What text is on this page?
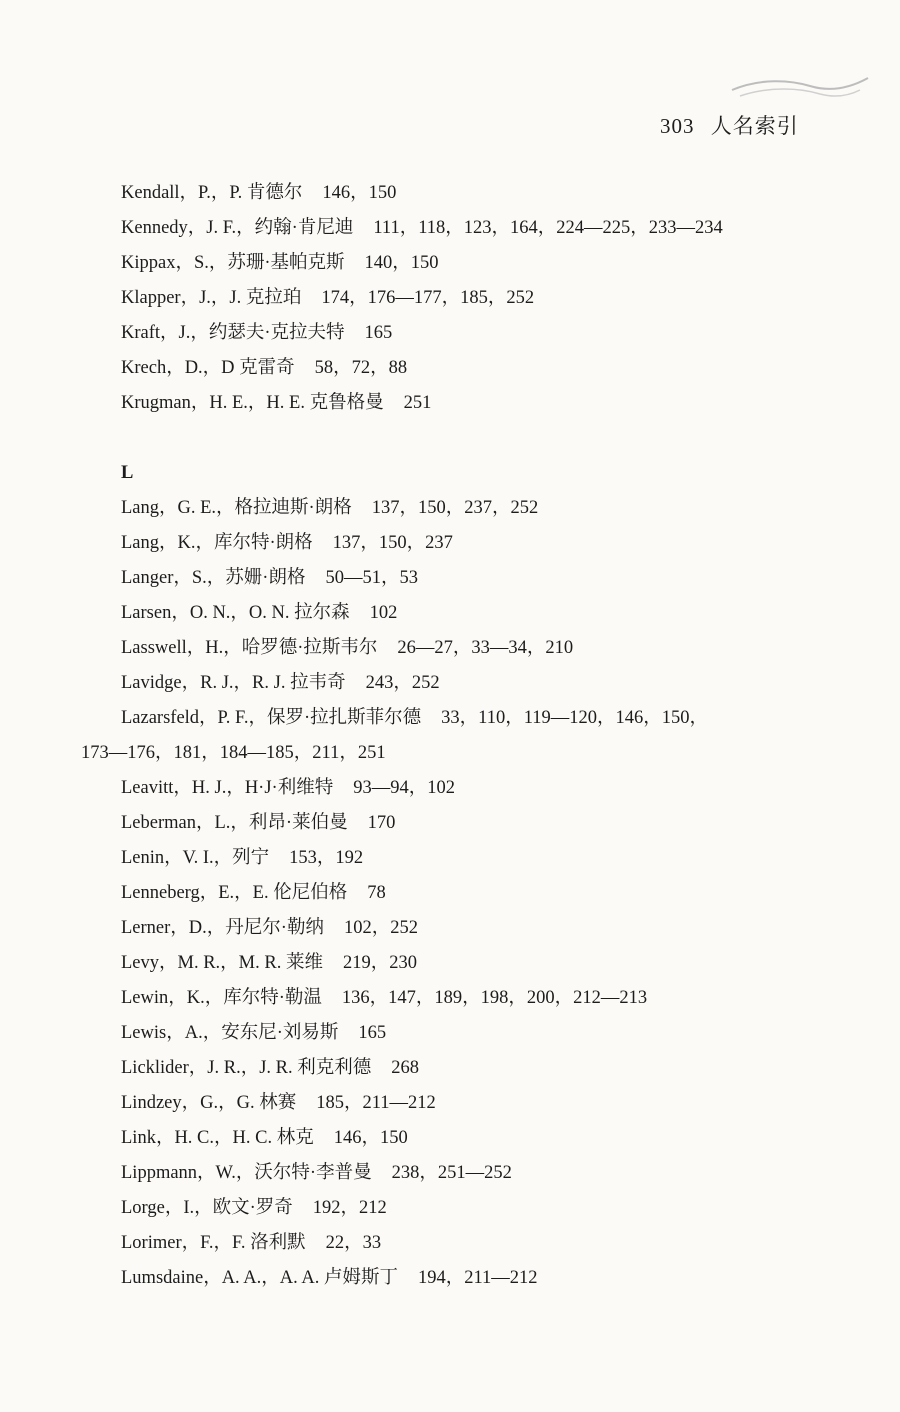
303 人名索引
Kendall，P.，P. 肯德尔 146，150
Kennedy，J. F.，约翰·肯尼迪 111，118，123，164，224—225，233—234
Kippax，S.，苏珊·基帕克斯 140，150
Klapper，J.，J. 克拉珀 174，176—177，185，252
Kraft，J.，约瑟夫·克拉夫特 165
Krech，D.，D 克雷奇 58，72，88
Krugman，H. E.，H. E. 克鲁格曼 251
L
Lang，G. E.，格拉迪斯·朗格 137，150，237，252
Lang，K.，库尔特·朗格 137，150，237
Langer，S.，苏姗·朗格 50—51，53
Larsen，O. N.，O. N. 拉尔森 102
Lasswell，H.，哈罗德·拉斯韦尔 26—27，33—34，210
Lavidge，R. J.，R. J. 拉韦奇 243，252
Lazarsfeld，P. F.，保罗·拉扎斯菲尔德 33，110，119—120，146，150，
173—176，181，184—185，211，251
Leavitt，H. J.，H·J·利维特 93—94，102
Leberman，L.，利昂·莱伯曼 170
Lenin，V. I.，列宁 153，192
Lenneberg，E.，E. 伦尼伯格 78
Lerner，D.，丹尼尔·勒纳 102，252
Levy，M. R.，M. R. 莱维 219，230
Lewin，K.，库尔特·勒温 136，147，189，198，200，212—213
Lewis，A.，安东尼·刘易斯 165
Licklider，J. R.，J. R. 利克利德 268
Lindzey，G.，G. 林赛 185，211—212
Link，H. C.，H. C. 林克 146，150
Lippmann，W.，沃尔特·李普曼 238，251—252
Lorge，I.，欧文·罗奇 192，212
Lorimer，F.，F. 洛利默 22，33
Lumsdaine，A. A.，A. A. 卢姆斯丁 194，211—212
